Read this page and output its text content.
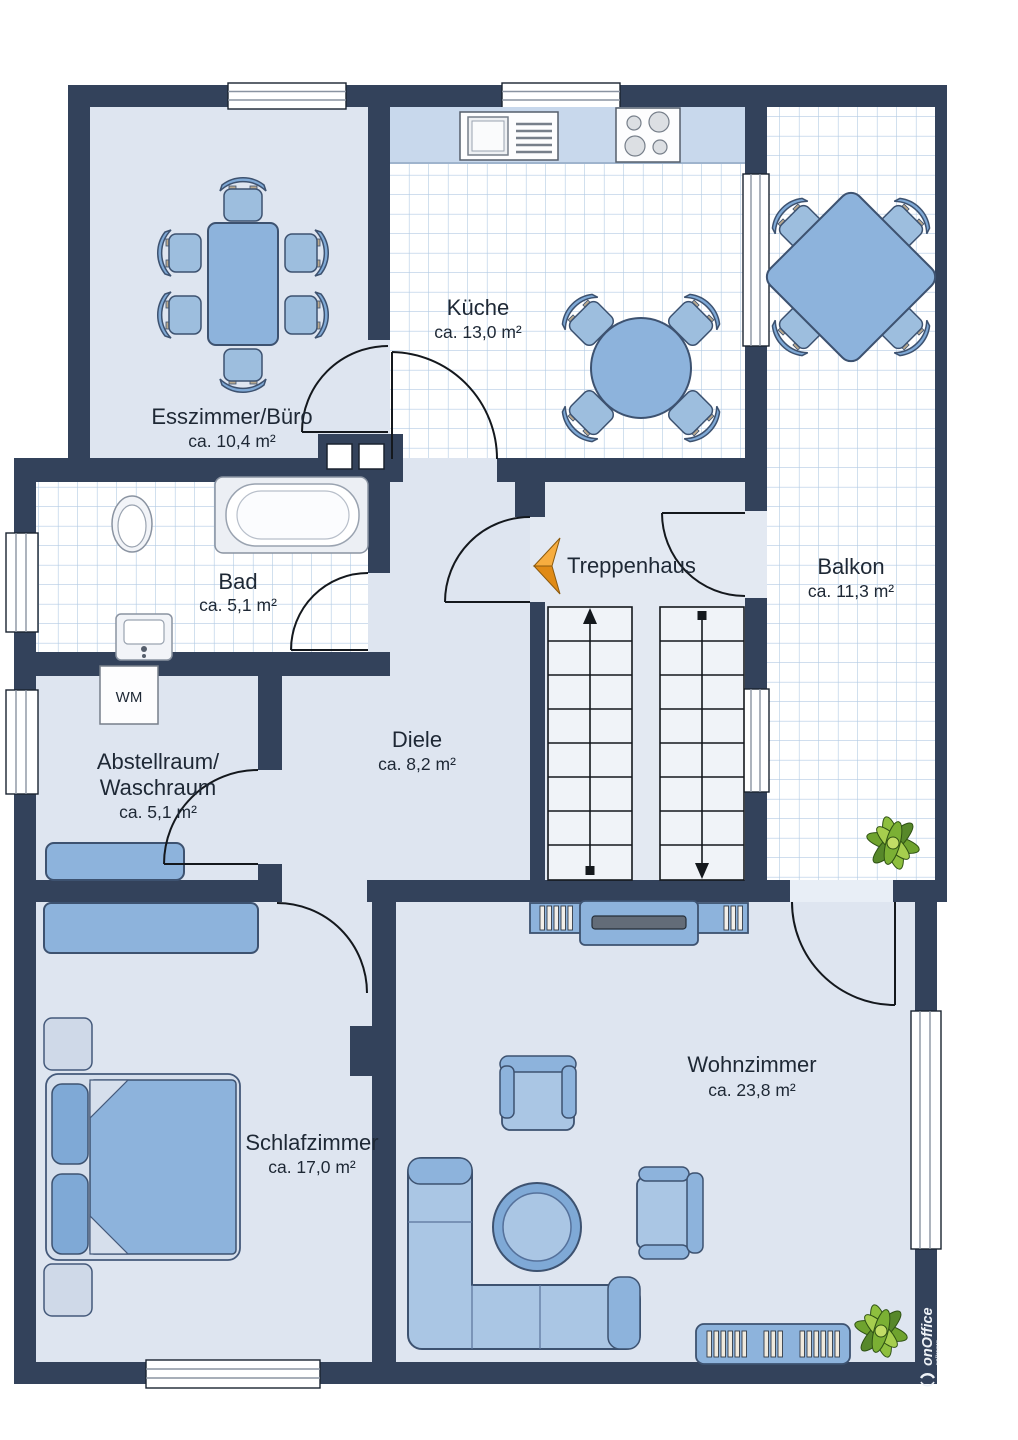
WM
Esszimmer/Büro
ca. 10,4 m²
Küche
ca. 13,0 m²
Balkon
ca. 11,3 m²
Bad
ca. 5,1 m²
Treppenhaus
Diele
ca. 8,2 m²
Abstellraum/
Waschraum
ca. 5,1 m²
Schlafzimmer
ca. 17,0 m²
Wohnzimmer
ca. 23,8 m²
onOffice software
